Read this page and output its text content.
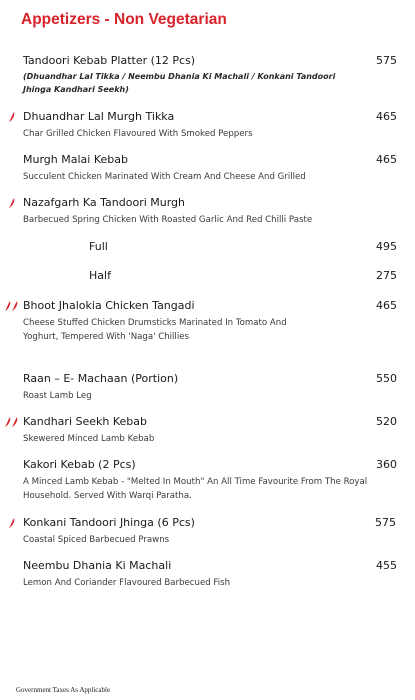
Appetizers - Non Vegetarian
Tandoori Kebab Platter (12 Pcs)	575
(Dhuandhar Lal Tikka / Neembu Dhania Ki Machali / Konkani Tandoori Jhinga Kandhari Seekh)
Dhuandhar Lal Murgh Tikka	465
Char Grilled Chicken Flavoured With Smoked Peppers
Murgh Malai Kebab	465
Succulent Chicken Marinated With Cream And Cheese And Grilled
Nazafgarh Ka Tandoori Murgh
Barbecued Spring Chicken With Roasted Garlic And Red Chilli Paste
Full	495
Half	275
Bhoot Jhalokia Chicken Tangadi	465
Cheese Stuffed Chicken Drumsticks Marinated In Tomato And Yoghurt, Tempered With 'Naga' Chillies
Raan – E- Machaan (Portion)	550
Roast Lamb Leg
Kandhari Seekh Kebab	520
Skewered Minced Lamb Kebab
Kakori Kebab (2 Pcs)	360
A Minced Lamb Kebab - "Melted In Mouth" An All Time Favourite From The Royal Household. Served With Warqi Paratha.
Konkani Tandoori Jhinga (6 Pcs)	575
Coastal Spiced Barbecued Prawns
Neembu Dhania Ki Machali	455
Lemon And Coriander Flavoured Barbecued Fish
Government Taxes As Applicable
